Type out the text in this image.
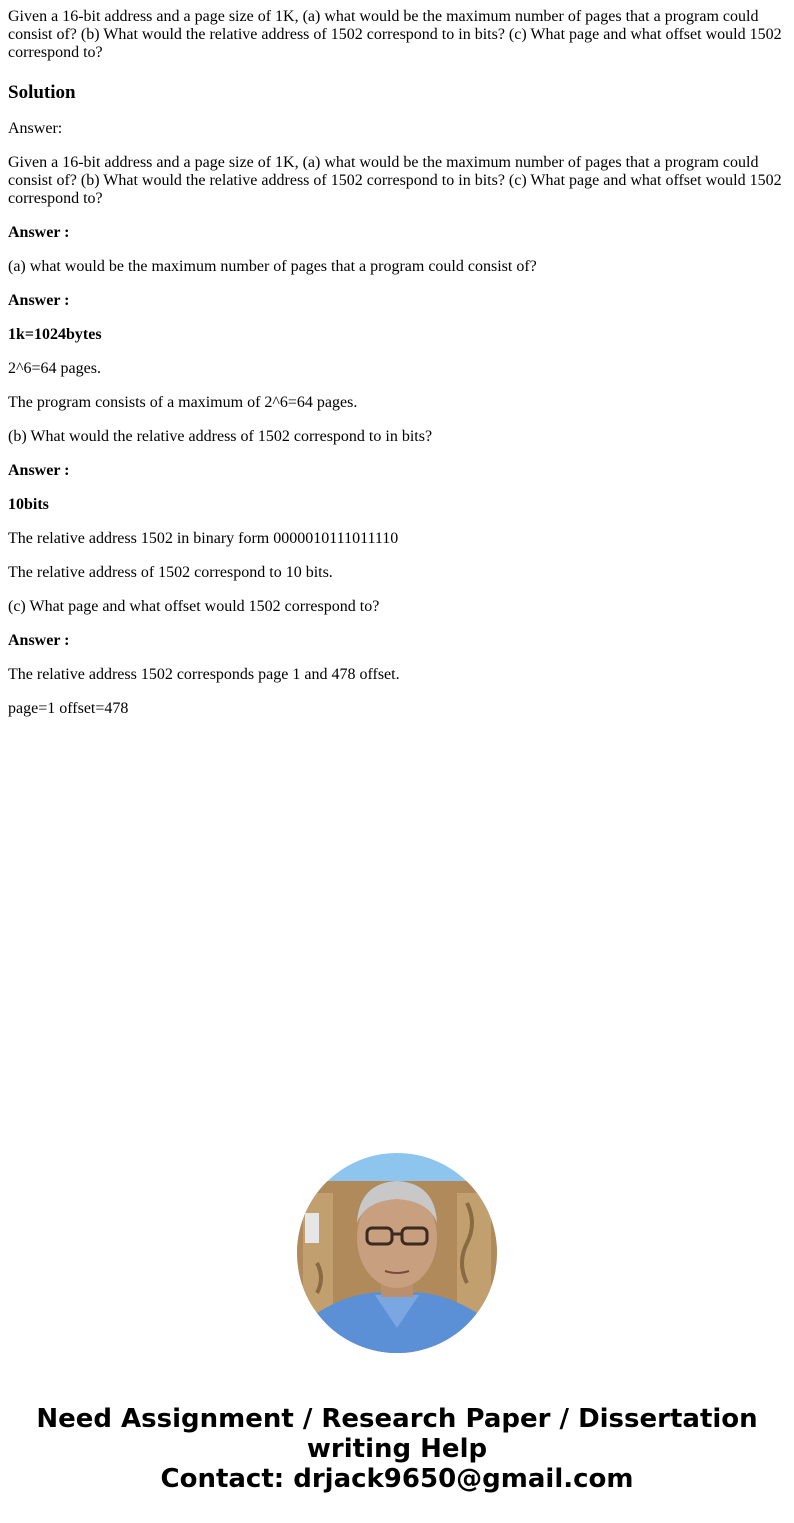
Given a 16-bit address and a page size of 1K, (a) what would be the maximum number of pages that a program could consist of? (b) What would the relative address of 1502 correspond to in bits? (c) What page and what offset would 1502 correspond to?

Solution

Answer:

Given a 16-bit address and a page size of 1K, (a) what would be the maximum number of pages that a program could consist of? (b) What would the relative address of 1502 correspond to in bits? (c) What page and what offset would 1502 correspond to?

Answer :

(a) what would be the maximum number of pages that a program could consist of?

Answer :

1k=1024bytes

2^6=64 pages.

The program consists of a maximum of 2^6=64 pages.

(b) What would the relative address of 1502 correspond to in bits?

Answer :

10bits

The relative address 1502 in binary form 0000010111011110

The relative address of 1502 correspond to 10 bits.

(c) What page and what offset would 1502 correspond to?

Answer :

The relative address 1502 corresponds page 1 and 478 offset.

page=1 offset=478

Need Assignment / Research Paper / Dissertation
writing Help
Contact: drjack9650@gmail.com
